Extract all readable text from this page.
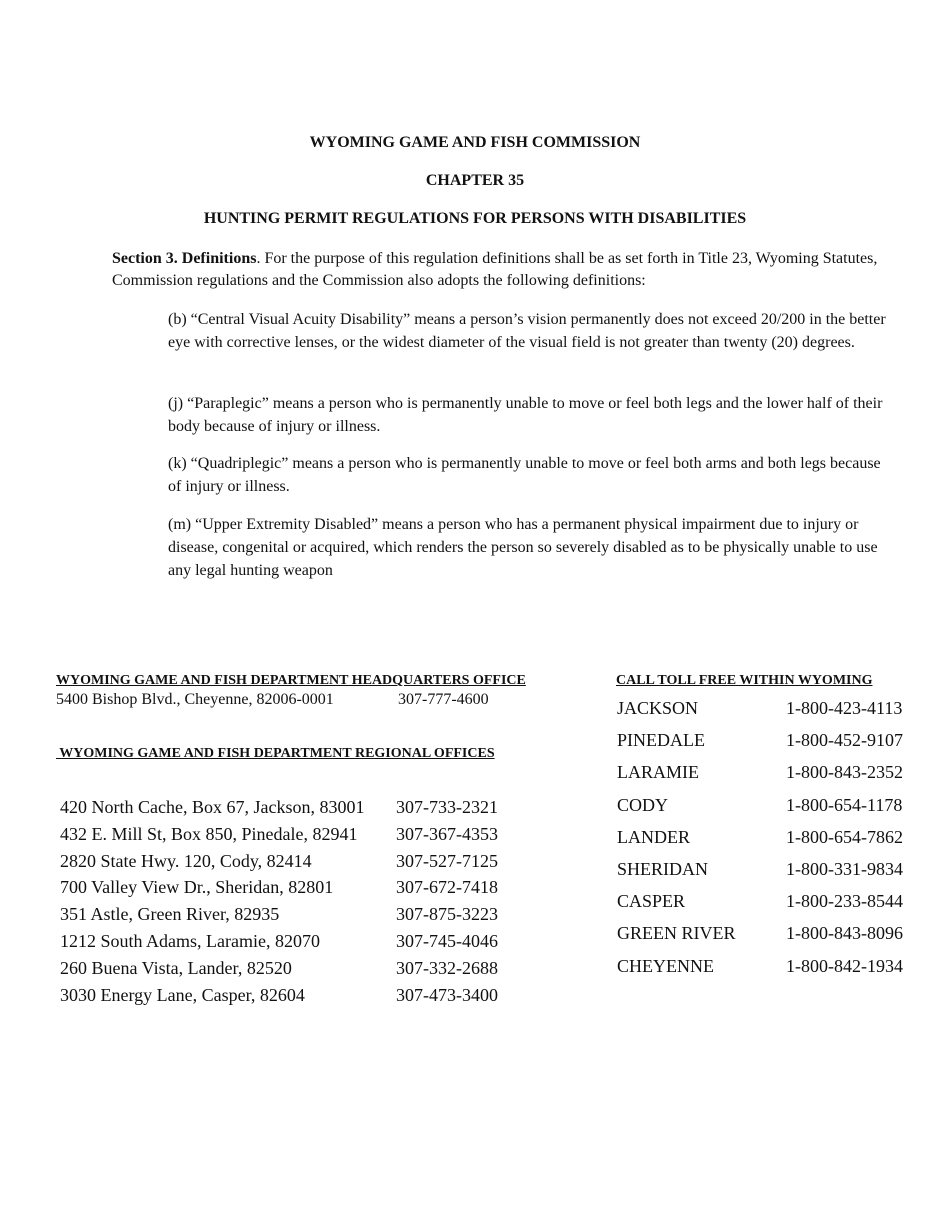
WYOMING GAME AND FISH COMMISSION
CHAPTER 35
HUNTING PERMIT REGULATIONS FOR PERSONS WITH DISABILITIES
Section 3. Definitions. For the purpose of this regulation definitions shall be as set forth in Title 23, Wyoming Statutes, Commission regulations and the Commission also adopts the following definitions:
(b) “Central Visual Acuity Disability” means a person’s vision permanently does not exceed 20/200 in the better eye with corrective lenses, or the widest diameter of the visual field is not greater than twenty (20) degrees.
(j) “Paraplegic” means a person who is permanently unable to move or feel both legs and the lower half of their body because of injury or illness.
(k) “Quadriplegic” means a person who is permanently unable to move or feel both arms and both legs because of injury or illness.
(m) “Upper Extremity Disabled” means a person who has a permanent physical impairment due to injury or disease, congenital or acquired, which renders the person so severely disabled as to be physically unable to use any legal hunting weapon
WYOMING GAME AND FISH DEPARTMENT HEADQUARTERS OFFICE
5400 Bishop Blvd., Cheyenne, 82006-0001	307-777-4600
WYOMING GAME AND FISH DEPARTMENT REGIONAL OFFICES
420 North Cache, Box 67, Jackson, 83001 307-733-2321
432 E. Mill St, Box 850, Pinedale, 82941 307-367-4353
2820 State Hwy. 120, Cody, 82414	307-527-7125
700 Valley View Dr., Sheridan, 82801	307-672-7418
351 Astle, Green River, 82935	307-875-3223
1212 South Adams, Laramie, 82070	307-745-4046
260 Buena Vista, Lander, 82520	307-332-2688
3030 Energy Lane, Casper, 82604	307-473-3400
CALL TOLL FREE WITHIN WYOMING
JACKSON	1-800-423-4113
PINEDALE	1-800-452-9107
LARAMIE	1-800-843-2352
CODY	1-800-654-1178
LANDER	1-800-654-7862
SHERIDAN	1-800-331-9834
CASPER	1-800-233-8544
GREEN RIVER	1-800-843-8096
CHEYENNE	1-800-842-1934
